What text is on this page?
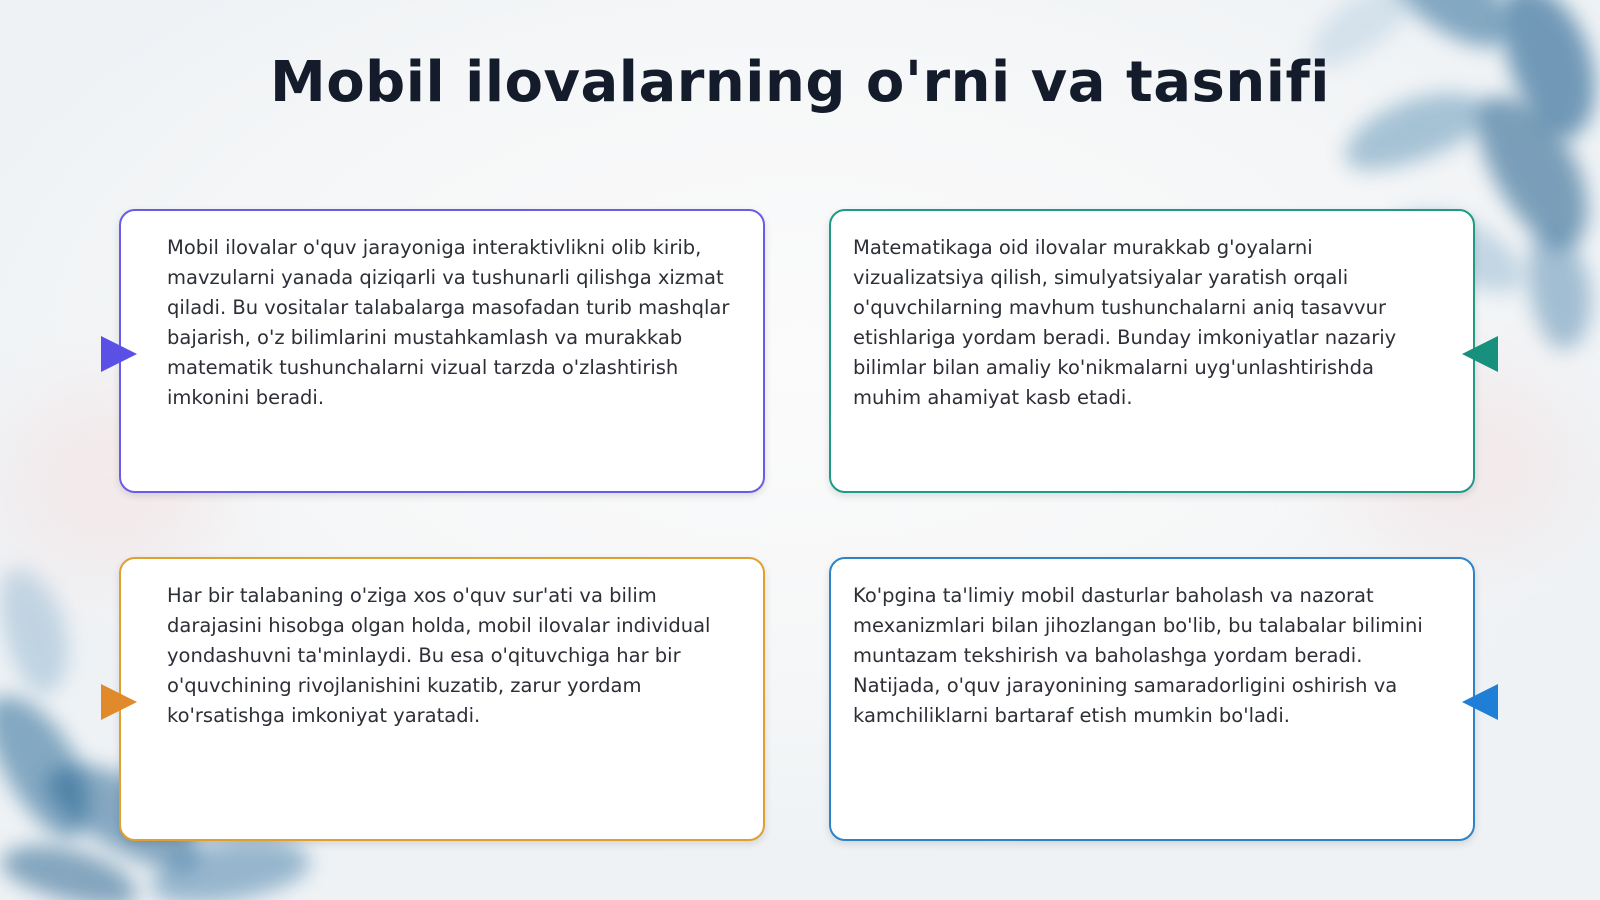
Mobil ilovalarning o'rni va tasnifi

Mobil ilovalar o'quv jarayoniga interaktivlikni olib kirib, mavzularni yanada qiziqarli va tushunarli qilishga xizmat qiladi. Bu vositalar talabalarga masofadan turib mashqlar bajarish, o'z bilimlarini mustahkamlash va murakkab matematik tushunchalarni vizual tarzda o'zlashtirish imkonini beradi.

Matematikaga oid ilovalar murakkab g'oyalarni vizualizatsiya qilish, simulyatsiyalar yaratish orqali o'quvchilarning mavhum tushunchalarni aniq tasavvur etishlariga yordam beradi. Bunday imkoniyatlar nazariy bilimlar bilan amaliy ko'nikmalarni uyg'unlashtirishda muhim ahamiyat kasb etadi.

Har bir talabaning o'ziga xos o'quv sur'ati va bilim darajasini hisobga olgan holda, mobil ilovalar individual yondashuvni ta'minlaydi. Bu esa o'qituvchiga har bir o'quvchining rivojlanishini kuzatib, zarur yordam ko'rsatishga imkoniyat yaratadi.

Ko'pgina ta'limiy mobil dasturlar baholash va nazorat mexanizmlari bilan jihozlangan bo'lib, bu talabalar bilimini muntazam tekshirish va baholashga yordam beradi. Natijada, o'quv jarayonining samaradorligini oshirish va kamchiliklarni bartaraf etish mumkin bo'ladi.
